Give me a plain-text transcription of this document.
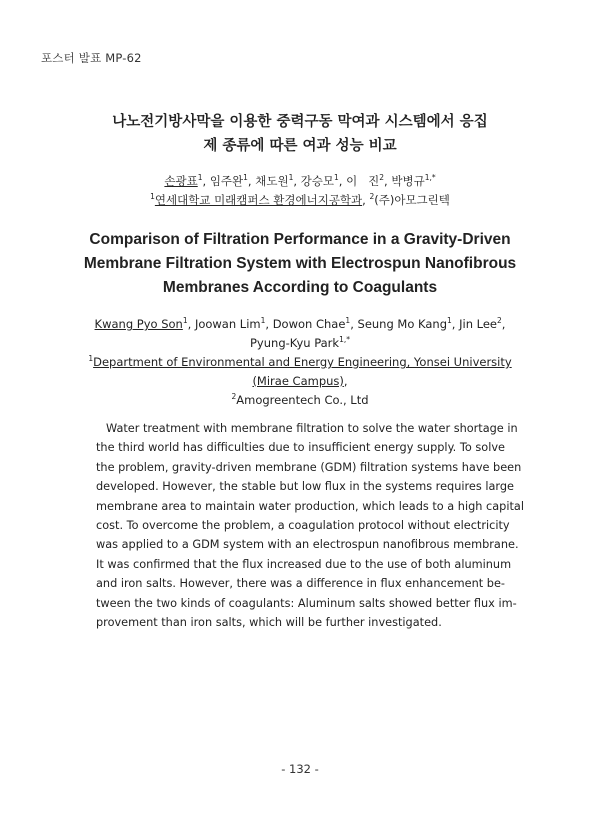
포스터 발표 MP-62
나노전기방사막을 이용한 중력구동 막여과 시스템에서 응집
제 종류에 따른 여과 성능 비교
손광표$^1$, 임주완$^1$, 채도원$^1$, 강승모$^1$, 이   진$^2$, 박병규$^{1,*}$
$^1$연세대학교 미래캠퍼스 환경에너지공학과, $^2$(주)아모그린텍
Comparison of Filtration Performance in a Gravity-Driven
Membrane Filtration System with Electrospun Nanofibrous
Membranes According to Coagulants
Kwang Pyo Son$^1$, Joowan Lim$^1$, Dowon Chae$^1$, Seung Mo Kang$^1$, Jin Lee$^2$,
Pyung-Kyu Park$^{1,*}$
$^1$Department of Environmental and Energy Engineering, Yonsei University
(Mirae Campus),
$^2$Amogreentech Co., Ltd
Water treatment with membrane filtration to solve the water shortage in
the third world has difficulties due to insufficient energy supply. To solve
the problem, gravity-driven membrane (GDM) filtration systems have been
developed. However, the stable but low flux in the systems requires large
membrane area to maintain water production, which leads to a high capital
cost. To overcome the problem, a coagulation protocol without electricity
was applied to a GDM system with an electrospun nanofibrous membrane.
It was confirmed that the flux increased due to the use of both aluminum
and iron salts. However, there was a difference in flux enhancement be-
tween the two kinds of coagulants: Aluminum salts showed better flux im-
provement than iron salts, which will be further investigated.
- 132 -
